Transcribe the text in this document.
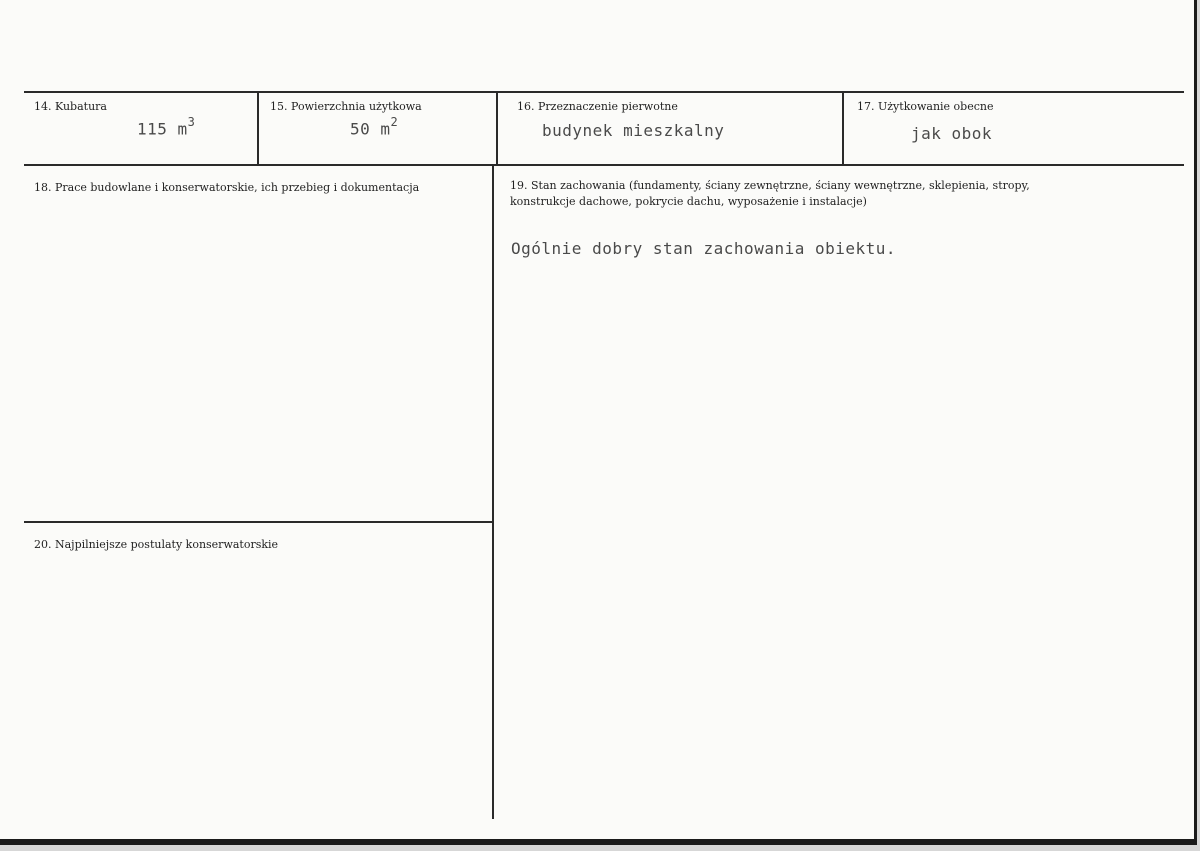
14. Kubatura
115 $m^3$
15. Powierzchnia użytkowa
50 $m^2$
16. Przeznaczenie pierwotne
budynek mieszkalny
17. Użytkowanie obecne
jak obok
18. Prace budowlane i konserwatorskie, ich przebieg i dokumentacja	19. Stan zachowania (fundamenty, ściany zewnętrzne, ściany wewnętrzne, sklepienia, stropy,
konstrukcje dachowe, pokrycie dachu, wyposażenie i instalacje)
Ogólnie dobry stan zachowania obiektu.
20. Najpilniejsze postulaty konserwatorskie
